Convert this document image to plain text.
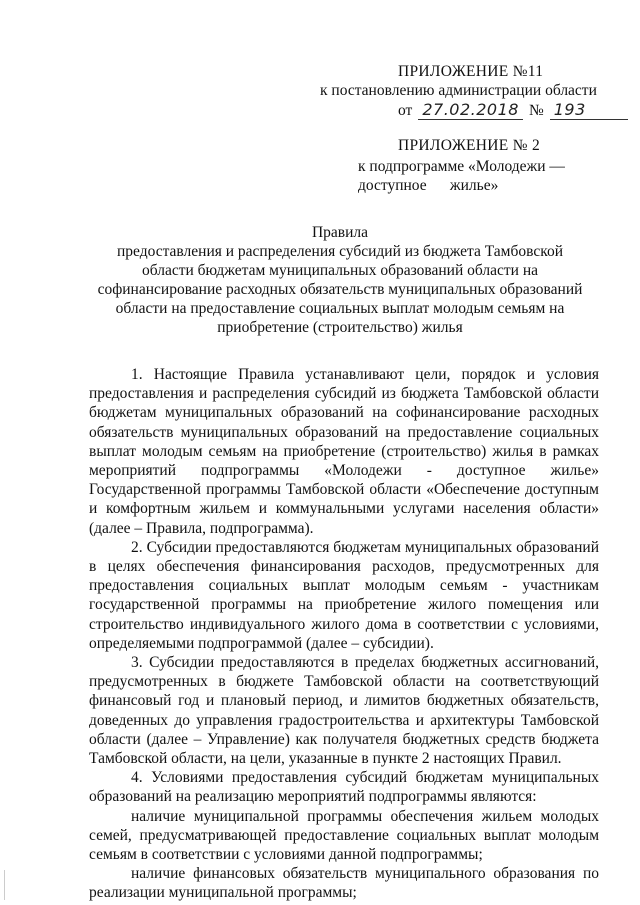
ПРИЛОЖЕНИЕ №11
к постановлению администрации области
от 27.02.2018 № 193
ПРИЛОЖЕНИЕ № 2
к подпрограмме «Молодежи —
доступное      жилье»
Правила
предоставления и распределения субсидий из бюджета Тамбовской
области бюджетам муниципальных образований области на
софинансирование расходных обязательств муниципальных образований
области на предоставление социальных выплат молодым семьям на
приобретение (строительство) жилья

1. Настоящие Правила устанавливают цели, порядок и условия предоставления и распределения субсидий из бюджета Тамбовской области бюджетам муниципальных образований на софинансирование расходных обязательств муниципальных образований на предоставление социальных выплат молодым семьям на приобретение (строительство) жилья в рамках мероприятий подпрограммы «Молодежи - доступное жилье» Государственной программы Тамбовской области «Обеспечение доступным и комфортным жильем и коммунальными услугами населения области» (далее – Правила, подпрограмма).

2. Субсидии предоставляются бюджетам муниципальных образований в целях обеспечения финансирования расходов, предусмотренных для предоставления социальных выплат молодым семьям - участникам государственной программы на приобретение жилого помещения или строительство индивидуального жилого дома в соответствии с условиями, определяемыми подпрограммой (далее – субсидии).

3. Субсидии предоставляются в пределах бюджетных ассигнований, предусмотренных в бюджете Тамбовской области на соответствующий финансовый год и плановый период, и лимитов бюджетных обязательств, доведенных до управления градостроительства и архитектуры Тамбовской области (далее – Управление) как получателя бюджетных средств бюджета Тамбовской области, на цели, указанные в пункте 2 настоящих Правил.

4. Условиями предоставления субсидий бюджетам муниципальных образований на реализацию мероприятий подпрограммы являются:

наличие муниципальной программы обеспечения жильем молодых семей, предусматривающей предоставление социальных выплат молодым семьям в соответствии с условиями данной подпрограммы;

наличие финансовых обязательств муниципального образования по реализации муниципальной программы;
